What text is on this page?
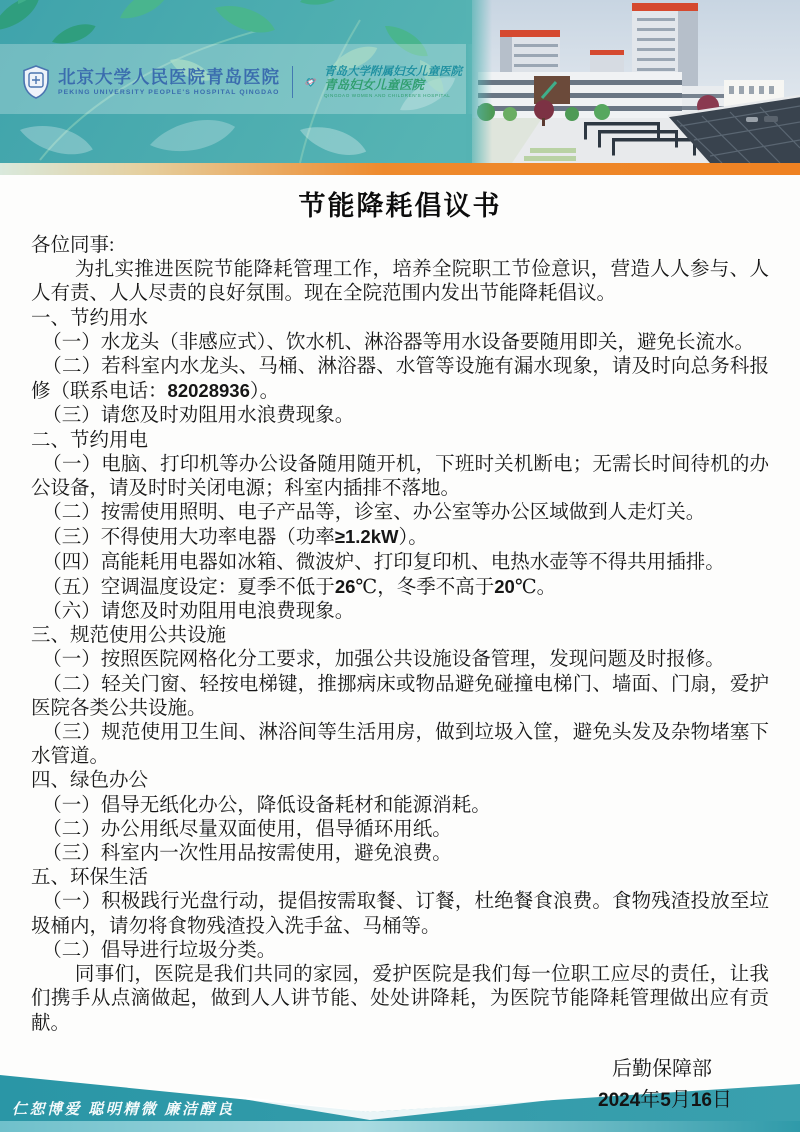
北京大学人民医院青岛医院
PEKING UNIVERSITY PEOPLE'S HOSPITAL QINGDAO
青岛大学附属妇女儿童医院
青岛妇女儿童医院
QINGDAO WOMEN AND CHILDREN'S HOSPITAL
节能降耗倡议书

各位同事:

为扎实推进医院节能降耗管理工作，培养全院职工节俭意识，营造人人参与、人人有责、人人尽责的良好氛围。现在全院范围内发出节能降耗倡议。

一、节约用水

（一）水龙头（非感应式）、饮水机、淋浴器等用水设备要随用即关，避免长流水。

（二）若科室内水龙头、马桶、淋浴器、水管等设施有漏水现象，请及时向总务科报修（联系电话：82028936）。

（三）请您及时劝阻用水浪费现象。

二、节约用电

（一）电脑、打印机等办公设备随用随开机，下班时关机断电；无需长时间待机的办公设备，请及时时关闭电源；科室内插排不落地。

（二）按需使用照明、电子产品等，诊室、办公室等办公区域做到人走灯关。

（三）不得使用大功率电器（功率≥1.2kW）。

（四）高能耗用电器如冰箱、微波炉、打印复印机、电热水壶等不得共用插排。

（五）空调温度设定：夏季不低于26℃，冬季不高于20℃。

（六）请您及时劝阻用电浪费现象。

三、规范使用公共设施

（一）按照医院网格化分工要求，加强公共设施设备管理，发现问题及时报修。

（二）轻关门窗、轻按电梯键，推挪病床或物品避免碰撞电梯门、墙面、门扇，爱护医院各类公共设施。

（三）规范使用卫生间、淋浴间等生活用房，做到垃圾入筐，避免头发及杂物堵塞下水管道。

四、绿色办公

（一）倡导无纸化办公，降低设备耗材和能源消耗。

（二）办公用纸尽量双面使用，倡导循环用纸。

（三）科室内一次性用品按需使用，避免浪费。

五、环保生活

（一）积极践行光盘行动，提倡按需取餐、订餐，杜绝餐食浪费。食物残渣投放至垃圾桶内，请勿将食物残渣投入洗手盆、马桶等。

（二）倡导进行垃圾分类。

同事们，医院是我们共同的家园，爱护医院是我们每一位职工应尽的责任，让我们携手从点滴做起，做到人人讲节能、处处讲降耗，为医院节能降耗管理做出应有贡献。

后勤保障部
2024年5月16日
仁恕博爱 聪明精微 廉洁醇良
